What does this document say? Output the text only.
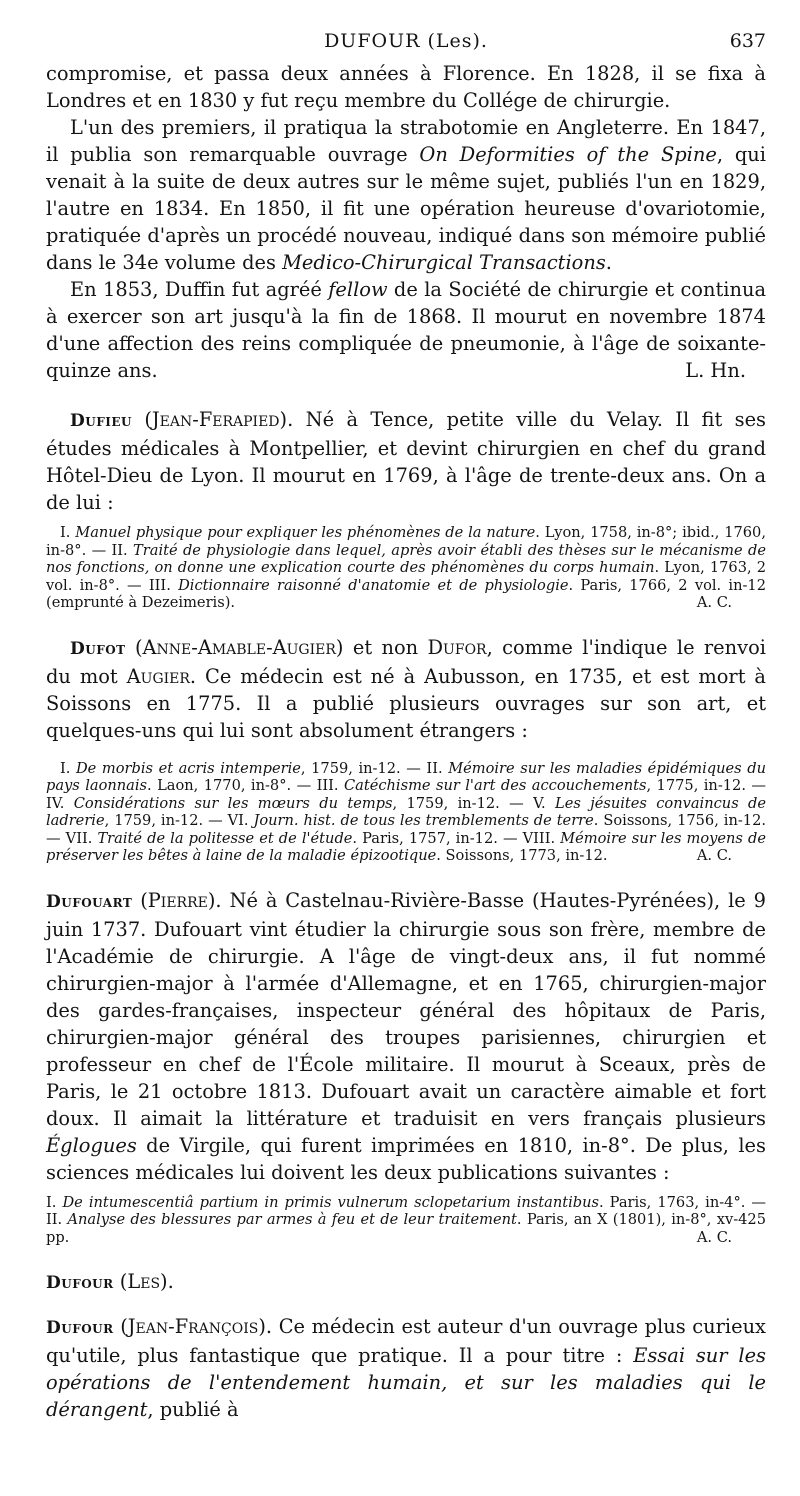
DUFOUR (Les).	637

compromise, et passa deux années à Florence. En 1828, il se fixa à Londres et en 1830 y fut reçu membre du Collége de chirurgie.

L'un des premiers, il pratiqua la strabotomie en Angleterre. En 1847, il publia son remarquable ouvrage On Deformities of the Spine, qui venait à la suite de deux autres sur le même sujet, publiés l'un en 1829, l'autre en 1834. En 1850, il fit une opération heureuse d'ovariotomie, pratiquée d'après un procédé nouveau, indiqué dans son mémoire publié dans le 34e volume des Medico-Chirurgical Transactions.

En 1853, Duffin fut agréé fellow de la Société de chirurgie et continua à exercer son art jusqu'à la fin de 1868. Il mourut en novembre 1874 d'une affection des reins compliquée de pneumonie, à l'âge de soixante-quinze ans.	L. Hn.

Dufieu (Jean-Ferapied). Né à Tence, petite ville du Velay. Il fit ses études médicales à Montpellier, et devint chirurgien en chef du grand Hôtel-Dieu de Lyon. Il mourut en 1769, à l'âge de trente-deux ans. On a de lui :

I. Manuel physique pour expliquer les phénomènes de la nature. Lyon, 1758, in-8°; ibid., 1760, in-8°. — II. Traité de physiologie dans lequel, après avoir établi des thèses sur le mécanisme de nos fonctions, on donne une explication courte des phénomènes du corps humain. Lyon, 1763, 2 vol. in-8°. — III. Dictionnaire raisonné d'anatomie et de physiologie. Paris, 1766, 2 vol. in-12 (emprunté à Dezeimeris).	A. C.

Dufot (Anne-Amable-Augier) et non Dufor, comme l'indique le renvoi du mot Augier. Ce médecin est né à Aubusson, en 1735, et est mort à Soissons en 1775. Il a publié plusieurs ouvrages sur son art, et quelques-uns qui lui sont absolument étrangers :

I. De morbis et acris intemperie, 1759, in-12. — II. Mémoire sur les maladies épidémiques du pays laonnais. Laon, 1770, in-8°. — III. Catéchisme sur l'art des accouchements, 1775, in-12. — IV. Considérations sur les mœurs du temps, 1759, in-12. — V. Les jésuites convaincus de ladrerie, 1759, in-12. — VI. Journ. hist. de tous les tremblements de terre. Soissons, 1756, in-12. — VII. Traité de la politesse et de l'étude. Paris, 1757, in-12. — VIII. Mémoire sur les moyens de préserver les bêtes à laine de la maladie épizootique. Soissons, 1773, in-12.	A. C.

Dufouart (Pierre). Né à Castelnau-Rivière-Basse (Hautes-Pyrénées), le 9 juin 1737. Dufouart vint étudier la chirurgie sous son frère, membre de l'Académie de chirurgie. A l'âge de vingt-deux ans, il fut nommé chirurgien-major à l'armée d'Allemagne, et en 1765, chirurgien-major des gardes-françaises, inspecteur général des hôpitaux de Paris, chirurgien-major général des troupes parisiennes, chirurgien et professeur en chef de l'École militaire. Il mourut à Sceaux, près de Paris, le 21 octobre 1813. Dufouart avait un caractère aimable et fort doux. Il aimait la littérature et traduisit en vers français plusieurs Églogues de Virgile, qui furent imprimées en 1810, in-8°. De plus, les sciences médicales lui doivent les deux publications suivantes :

I. De intumescentiâ partium in primis vulnerum sclopetarium instantibus. Paris, 1763, in-4°. — II. Analyse des blessures par armes à feu et de leur traitement. Paris, an X (1801), in-8°, xv-425 pp.	A. C.

Dufour (Les).

Dufour (Jean-François). Ce médecin est auteur d'un ouvrage plus curieux qu'utile, plus fantastique que pratique. Il a pour titre : Essai sur les opérations de l'entendement humain, et sur les maladies qui le dérangent, publié à
